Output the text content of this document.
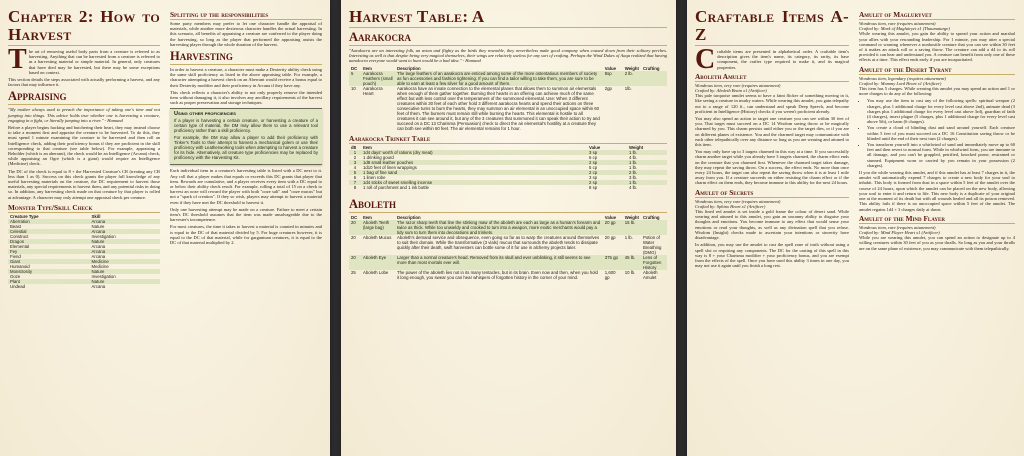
Chapter 2: How to Harvest

The art of removing useful body parts from a creature is referred to as harvesting. Anything that can be harvested from a creature is referred to as a harvesting material or simple material. In general, only creatures that have died may be harvested, but there may be some exceptions based on context.

This section details the steps associated with actually performing a harvest, and any factors that may influence it.

Appraising

"My mother always used to preach the importance of taking one's time and not jumping into things. This advice holds true whether one is harvesting a creature, engaging in a fight, or literally jumping into a river." - Hamund

Before a player begins hacking and butchering their heart, they may instead choose to take a moment first and appraise the creature to be harvested. To do this, they must spend 1 minute examining the creature to be harvested and then roll an Intelligence check, adding their proficiency bonus if they are proficient in the skill corresponding to that creature (see table below). For example, appraising a Beholder (which is an aberrant), the check would be an Intelligence (Arcana) check, while appraising an Ogre (which is a giant) would require an Intelligence (Medicine) check.

The DC of the check is equal to 8 + the Harvested Creature's CR (treating any CR less than 1 as 0). Success on this check grants the player full knowledge of any useful harvesting materials on the creature, the DC requirement to harvest those materials, any special requirements to harvest them, and any potential risks in doing so. In addition, any harvesting check made on that creature by that player is rolled at advantage. A character may only attempt one appraisal check per creature.

Monster Type/Skill Check
Creature Type	Skill
Aberration	Arcana
Beast	Nature
Celestial	Arcana
Construct	Investigation
Dragon	Nature
Elemental	Arcana
Fey	Arcana
Fiend	Arcana
Giant	Medicine
Humanoid	Medicine
Monstrosity	Nature
Ooze	Investigation
Plant	Nature
Undead	Arcana
Splitting up the responsibilities

Some party members may prefer to let one character handle the appraisal of materials, while another more dexterous character handles the actual harvesting. In this scenario, all benefits of appraising a creature are conferred to the player doing the harvesting, so long as the player that performed the appraising assists the harvesting player through the whole duration of the harvest.

Harvesting

In order to harvest a creature, a character must make a Dexterity ability check using the same skill proficiency as listed in the above appraising table. For example, a character attempting a harvest check on an Aberrant would receive a bonus equal to their Dexterity modifier and their proficiency in Arcana if they have any.

This check reflects a character's ability to not only properly remove the intended item without damaging it, it also involves any ancillary requirements of the harvest such as proper preservation and storage techniques.

Using other proficiencies

If a player is harvesting a certain creature, or harvesting a creature of a certain type of material, the DM may allow them to use a relevant tool proficiency rather than a skill proficiency.

For example, the DM may allow a player to add their proficiency with Tinker's Tools to their attempt to harvest a mechanical golem or use their proficiency with Leatherworking tools when attempting to harvest a creature for its hide. Alternatively, all creature type proficiencies may be replaced by proficiency with the Harvesting Kit.

Each individual item in a creature's harvesting table is listed with a DC next to it. Any roll that a player makes that equals or exceeds this DC grants that player that item. Rewards are cumulative, and a player receives every item with a DC equal to or below their ability check result. For example, rolling a total of 15 on a check to harvest an ooze will reward the player with both "ooze salt" and "ooze mucus" but not a "spark of creation". If they so wish, players may attempt to harvest a material even if they have met the DC threshold to harvest it.

Only one harvesting attempt may be made on a creature. Failure to meet a certain item's DC threshold assumes that the item was made unsalvageable due to the harvester's incompetence.

For most creatures, the time it takes to harvest a material is counted in minutes and is equal to the DC of that material divided by 5. For huge creatures however, it is equal to the DC of that material, while for gargantuan creatures, it is equal to the DC of that material multiplied by 2.

Harvest Table: A
Aarakocra

"Aarakocra are an interesting folk, an avian and flighty as the birds they resemble, they nevertheless make good company when coaxed down from their solitary perches. Interesting as well is that despite being very magical themselves, their wings are relatively useless for any sort of crafting. Perhaps the Wind Dukes of Aaqa realized that having aarakocra everyone would want to hunt would be a bad idea." - Hamund

DC	Item	Description	Value	Weight	Crafting
5	Aarakocra Feathers (small pouch)	The large feathers of an aarakocra are enticed among some of the more ostentatious members of society as fun accessories and fashion tightening. If you can find a tailor willing to take them, you are sure to be able to earn at least a few silver for a good amount of them.	8sp	2 lb.	
10	Aarakocra Heart	Aarakocra have an innate connection to the elemental planes that allows them to summon air elementals when enough of them gather together. Burning their hearts in an offering can achieve much of the same effect but with less control over the temperament of the summoned elemental. Use: When 3 different creatures within 30 feet of each other hold 3 different aarakocra hearts and spend their actions on three consecutive turns to burn the hearts, they may summon an air elemental in an unoccupied space within 60 feet of them. The burners must remain still while burning the hearts. This elemental is hostile to all creatures it can see around it, but any of the 3 creatures that summoned it can speak their action to try and succeed on a DC 13 Charisma (Persuasion) check to direct the air elemental's hostility at a creature they can both see within 60 feet. The air elemental remains for 1 hour.	2gp	1lb.	
Aarakocra Trinket Table
d8	Item	Value	Weight
1	1d4 days' worth of rations (dry meat)	3 sp	1 lb.
2	1 drinking gourd	6 cp	4 lb.
3	1d8 small leather pouches	2 sp	1 lb.
4	1d10 feet of linen wrappings	5 cp	1 lb.
5	1 bag of fine sand	2 cp	2 lb.
6	1 linen robe	3 sp	3 lb.
7	1d4 sticks of sweet smelling incense	2 sp	1 lb.
8	1 roll of parchment and 1 ink bottle	8 sp	4 lb.
Aboleth
DC	Item	Description	Value	Weight	Crafting
20	Aboleth Teeth (large bag)	The razor sharp teeth that line the stinking maw of the aboleth are each as large as a human's forearm and twice as thick. While too unwieldy and crooked to turn into a weapon, more exotic merchants would pay a tidy sum to turn them into decorations and trinkets.	20 gp	15 lb.	
20	Aboleth Mucus	Aboleth's demand service and obsequence, even going so far as to warp the creatures around themselves to suit their domain. While the transformative (3 vials) mucus that surrounds the aboleth tends to dissipate quickly after their death, swift harvesters can bottle some of it for use in alchemy projects later.	20 gp	1 lb.	Potion of Water Breathing (DMG)
20	Aboleth Eye	Larger than a normal creature's head. Removed from its skull and ever unblinking, it still seems to see more than most mortals ever will.	375 gp	45 lb.	Lens of Forgotten History
25	Aboleth Lobe	The power of the aboleth lies not in its many tentacles, but in its brain. Even now and then, when you hold it long enough, you swear you can hear whispers of forgotten history in the corner of your mind.	1,600 gp	10 lb.	Aboleth Amulet
Craftable Items A-Z

Craftable items are presented in alphabetical order. A craftable item's description gives the item's name, its category, its rarity, its base component, the crafter type required to make it, and its magical properties.

Aboleth Amulet
Wondrous item, very rare (requires attunement)
Crafted by: Aboleth Brain x1 (Artificer)

This pale turquoise amulet seems to have a faint flicker of something moving in it, like seeing a creature in murky waters. While wearing this amulet, you gain telepathy out to a range of 120 ft., can understand and speak Deep Speech, and become proficient in Intelligence (History) checks if you weren't proficient already.

You may also spend an action to target one creature you can see within 30 feet of you. That target must succeed on a DC 14 Wisdom saving throw or be magically charmed by you. This charm persists until either you or the target dies, or if you are on different planes of existence. You and the charmed target may communicate with each other telepathically over any distance so long as you are wearing and attuned to this item.

You may only have up to 3 targets charmed in this way at a time. If you successfully charm another target while you already have 3 targets charmed, the charm effect ends on the creature that you charmed first. Whenever the charmed target takes damage, they may repeat the saving throw. On a success, the effect ends. No more than once every 24 hours, the target can also repeat the saving throw when it is at least 1 mile away from you. If a creature succeeds on either resisting the charm effect or if the charm effect on them ends, they become immune to this ability for the next 24 hours.

Amulet of Secrets
Wondrous item, very rare (requires attunement)
Crafted by: Sphinx Heart x1 (Artificer)

This lined red amulet is set inside a gold frame the colour of desert sand. While wearing and attuned to this amulet, you gain an uncanny ability to disguise your thoughts and emotions. You become immune to any effect that would sense your emotions or read your thoughts, as well as any divination spell that you refuse. Wisdom (Insight) checks made to ascertain your intentions or sincerity have disadvantage.

In addition, you may use the amulet to cast the spell zone of truth without using a spell slot or requiring any components. The DC for the casting of this spell in this way is 8 + your Charisma modifier + your proficiency bonus, and you are exempt from the effects of the spell. Once you have used this ability 3 times in one day, you may not use it again until you finish a long rest.

Amulet of Magluryvet
Wondrous item, rare (requires attunement)
Crafted by: Mark of Magluiryet x1 (Thaumaturge)

While wearing this amulet, you gain the ability to spread your action and marshal your allies with your resounding leadership. For 1 minute, you may utter a special command or warning whenever a nonhostile creature that you can see within 30 feet of it makes an attack roll or a saving throw. The creature can add a d4 to its roll provided it can hear and understand you. A creature can benefit from only one of these effects at a time. This effect ends early if you are incapacitated.

Amulet of the Desert Tyrant
Wondrous item, legendary (requires attunement)
Crafted by: Mummy Lord Heart x1 (Artificer)

This item has 5 charges. While wearing this amulet you may spend an action and 1 or more charges to do any of the following:

• You may use the item to cast any of the following spells: spiritual weapon (2 charges, plus 1 additional charge for every level cast above 2nd), animate dead (3 charges plus 1 additional charge for every level cast above 3rd), guardian of faith (4 charges), insect plague (5 charges, plus 1 additional charge for every level cast above 5th), or harm (6 charges).
• You create a cloud of blinding dust and sand around yourself. Each creature within 5 feet of you must succeed on a DC 16 Constitution saving throw or be blinded until the end of their next turn (2 charges).
• You transform yourself into a whirlwind of sand and immediately move up to 60 feet and then revert to normal form. While in whirlwind form, you are immune to all damage, and you can't be grappled, petrified, knocked prone, restrained or stunned. Equipment worn or carried by you remain in your possession (2 charges).

If you die while wearing this amulet, and if this amulet has at least 7 charges in it, the amulet will automatically expend 7 charges to create a new body for your soul to inhabit. This body is formed from dust in a space within 5 feet of the amulet over the course of 24 hours, upon which the amulet can be placed on the new body, allowing your soul to enter it and return to life. This new body is a duplicate of your original one at the moment of its death but with all wounds healed and all its poison removed. This ability fails if there is no unoccupied space within 5 feet of the amulet. The amulet regains 1d4 + 3 charges daily at dawn.

Amulet of the Mind Flayer
Wondrous item, rare (requires attunement)
Crafted by: Mind Flayer Heart x1 (Artificer)

While you are wearing this amulet, you can spend an action to designate up to 4 willing creatures within 30 feet of you as your thralls. So long as you and your thralls are on the same plane of existence, you may communicate with them telepathically.
